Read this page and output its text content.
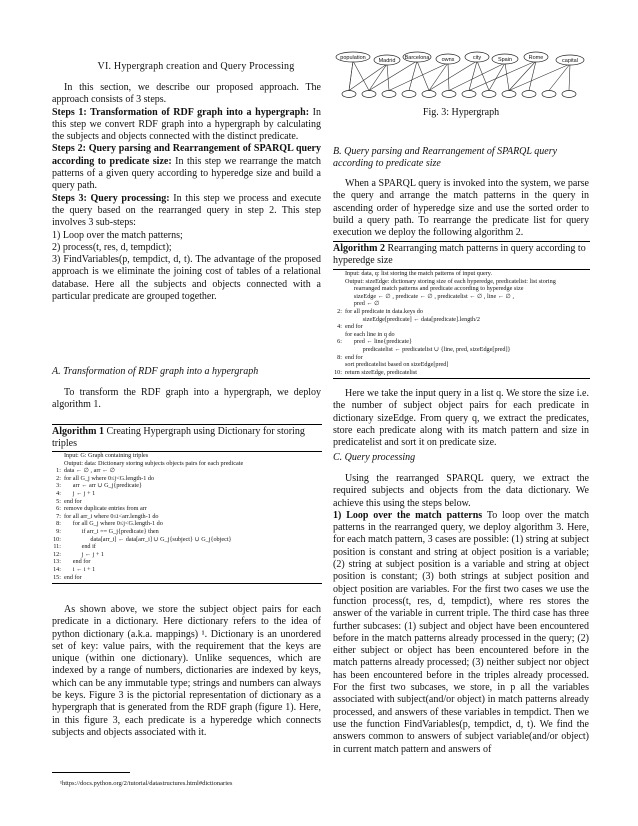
VI. Hypergraph creation and Query Processing

In this section, we describe our proposed approach. The approach consists of 3 steps.

Steps 1: Transformation of RDF graph into a hypergraph: In this step we convert RDF graph into a hypergraph by calculating the subjects and objects connected with the distinct predicate.

Steps 2: Query parsing and Rearrangement of SPARQL query according to predicate size: In this step we rearrange the match patterns of a given query according to hyperedge size and build a query path.

Steps 3: Query processing: In this step we process and execute the query based on the rearranged query in step 2. This step involves 3 sub-steps:

1) Loop over the match patterns;

2) process(t, res, d, tempdict);

3) FindVariables(p, tempdict, d, t). The advantage of the proposed approach is we eliminate the joining cost of tables of a relational database. Here all the subjects and objects connected with a particular predicate are grouped together.

A. Transformation of RDF graph into a hypergraph

To transform the RDF graph into a hypergraph, we deploy algorithm 1.

Algorithm 1 Creating Hypergraph using Dictionary for storing triples
Input: G: Graph containing triples
Output: data: Dictionary storing subjects objects pairs for each predicate
1: data ← ∅ , arr ← ∅
2: for all G_j where 0≤j<G.length-1 do
3: arr ← arr ∪ G_j{predicate}
4: j ← j + 1
5: end for
6: remove duplicate entries from arr
7: for all arr_i where 0≤i<arr.length-1 do
8: for all G_j where 0≤j<G.length-1 do
9:	if arr_i == G_j{predicate} then
10:	data[arr_i] ← data[arr_i] ∪ G_j{subject} ∪ G_j{object}
11:	end if
12:	j ← j + 1
13: end for
14: i ← i + 1
15: end for

As shown above, we store the subject object pairs for each predicate in a dictionary. Here dictionary refers to the idea of python dictionary (a.k.a. mappings) ¹. Dictionary is an unordered set of key: value pairs, with the requirement that the keys are unique (within one dictionary). Unlike sequences, which are indexed by a range of numbers, dictionaries are indexed by keys, which can be any immutable type; strings and numbers can always be keys. Figure 3 is the pictorial representation of dictionary as a hypergraph that is generated from the RDF graph (figure 1). Here, in this figure 3, each predicate is a hyperedge which connects subjects and objects associated with it.

¹https://docs.python.org/2/tutorial/datastructures.html#dictionaries
population Madrid Barcelona owns	city	Spain	Rome	capital
Fig. 3: Hypergraph
B. Query parsing and Rearrangement of SPARQL query according to predicate size

When a SPARQL query is invoked into the system, we parse the query and arrange the match patterns in the query in ascending order of hyperedge size and use the sorted order to build a query path. To rearrange the predicate list for query execution we deploy the following algorithm 2.

Algorithm 2 Rearranging match patterns in query according to hyperedge size
Input: data, q: list storing the match patterns of input query.
Output: sizeEdge: dictionary storing size of each hyperedge, predicatelist: list storing
rearranged match patterns and predicate according to hyperedge size
sizeEdge ← ∅ , predicate ← ∅ , predicatelist ← ∅ , line ← ∅ ,
pred ← ∅
2: for all predicate in data.keys do
sizeEdge[predicate] ← data[predicate].length/2
4: end for
for each line in q do
6: pred ← line{predicate}
predicatelist ← predicatelist ∪ {line, pred, sizeEdge[pred]}
8: end for
sort predicatelist based on sizeEdge[pred]
10: return sizeEdge, predicatelist

Here we take the input query in a list q. We store the size i.e. the number of subject object pairs for each predicate in dictionary sizeEdge. From query q, we extract the predicates, store each predicate along with its match pattern and size in predicatelist and sort it on predicate size.

C. Query processing

Using the rearranged SPARQL query, we extract the required subjects and objects from the data dictionary. We achieve this using the steps below.

1) Loop over the match patterns To loop over the match patterns in the rearranged query, we deploy algorithm 3. Here, for each match pattern, 3 cases are possible: (1) string at subject position is constant and string at object position is a variable; (2) string at subject position is a variable and string at object position is constant; (3) both strings at subject position and object position are variables. For the first two cases we use the function process(t, res, d, tempdict), where res stores the answer of the variable in current triple. The third case has three further subcases: (1) subject and object have been encountered before in the match patterns already processed in the query; (2) either subject or object has been encountered before in the match patterns already processed; (3) neither subject nor object has been encountered before in the triples already processed. For the first two subcases, we store, in p all the variables associated with subject(and/or object) in match patterns already processed, and answers of these variables in tempdict. Then we use the function FindVariables(p, tempdict, d, t). We find the answers common to answers of subject variable(and/or object) in current match pattern and answers of
